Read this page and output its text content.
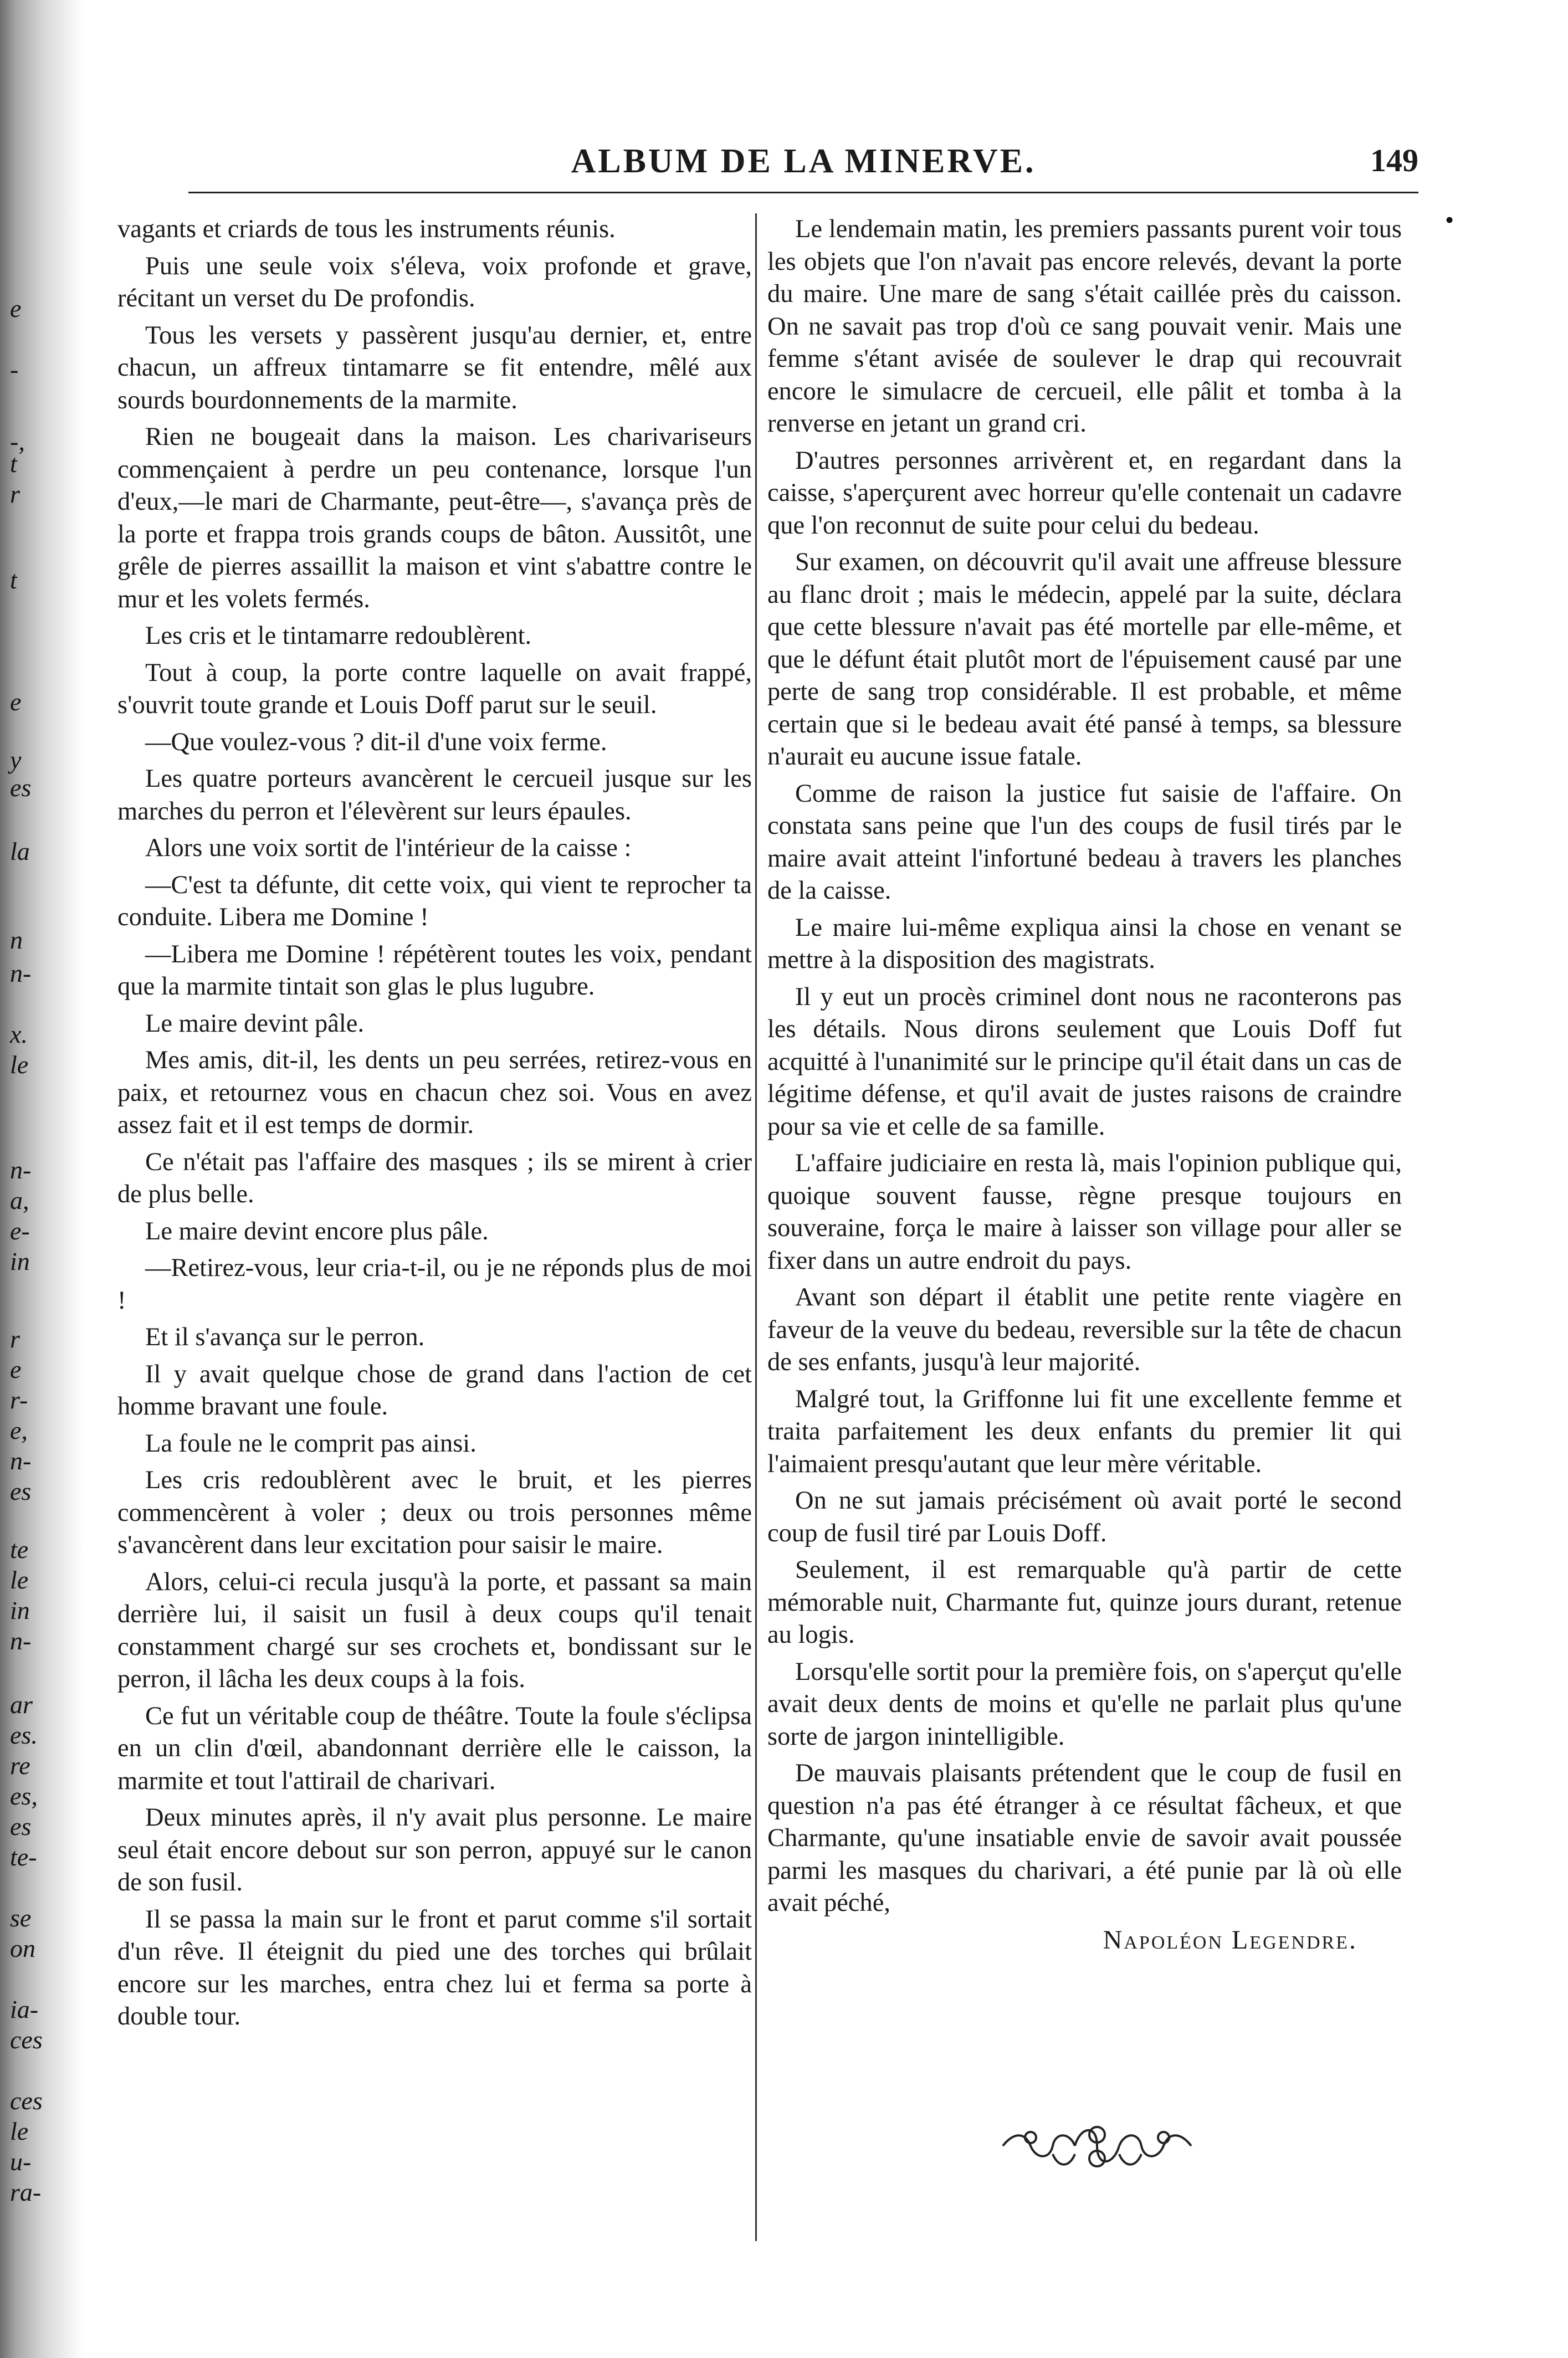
e
-
-,
t
r
t
e
y
es
la
n
n-
x.
le
n-
a,
e-
in
r
e
r-
e,
n-
es
te
le
in
n-
ar
es.
re
es,
es
te-
se
on
ia-
ces
ces
le
u-
ra-
•
ALBUM DE LA MINERVE.	149

vagants et criards de tous les instruments réunis.

Puis une seule voix s'éleva, voix profonde et grave, récitant un verset du De profondis.

Tous les versets y passèrent jusqu'au dernier, et, entre chacun, un affreux tintamarre se fit entendre, mêlé aux sourds bourdonnements de la marmite.

Rien ne bougeait dans la maison. Les charivariseurs commençaient à perdre un peu contenance, lorsque l'un d'eux,—le mari de Charmante, peut-être—, s'avança près de la porte et frappa trois grands coups de bâton. Aussitôt, une grêle de pierres assaillit la maison et vint s'abattre contre le mur et les volets fermés.

Les cris et le tintamarre redoublèrent.

Tout à coup, la porte contre laquelle on avait frappé, s'ouvrit toute grande et Louis Doff parut sur le seuil.

—Que voulez-vous ? dit-il d'une voix ferme.

Les quatre porteurs avancèrent le cercueil jusque sur les marches du perron et l'élevèrent sur leurs épaules.

Alors une voix sortit de l'intérieur de la caisse :

—C'est ta défunte, dit cette voix, qui vient te reprocher ta conduite. Libera me Domine !

—Libera me Domine ! répétèrent toutes les voix, pendant que la marmite tintait son glas le plus lugubre.

Le maire devint pâle.

Mes amis, dit-il, les dents un peu serrées, retirez-vous en paix, et retournez vous en chacun chez soi. Vous en avez assez fait et il est temps de dormir.

Ce n'était pas l'affaire des masques ; ils se mirent à crier de plus belle.

Le maire devint encore plus pâle.

—Retirez-vous, leur cria-t-il, ou je ne réponds plus de moi !

Et il s'avança sur le perron.

Il y avait quelque chose de grand dans l'action de cet homme bravant une foule.

La foule ne le comprit pas ainsi.

Les cris redoublèrent avec le bruit, et les pierres commencèrent à voler ; deux ou trois personnes même s'avancèrent dans leur excitation pour saisir le maire.

Alors, celui-ci recula jusqu'à la porte, et passant sa main derrière lui, il saisit un fusil à deux coups qu'il tenait constamment chargé sur ses crochets et, bondissant sur le perron, il lâcha les deux coups à la fois.

Ce fut un véritable coup de théâtre. Toute la foule s'éclipsa en un clin d'œil, abandonnant derrière elle le caisson, la marmite et tout l'attirail de charivari.

Deux minutes après, il n'y avait plus personne. Le maire seul était encore debout sur son perron, appuyé sur le canon de son fusil.

Il se passa la main sur le front et parut comme s'il sortait d'un rêve. Il éteignit du pied une des torches qui brûlait encore sur les marches, entra chez lui et ferma sa porte à double tour.

Le lendemain matin, les premiers passants purent voir tous les objets que l'on n'avait pas encore relevés, devant la porte du maire. Une mare de sang s'était caillée près du caisson. On ne savait pas trop d'où ce sang pouvait venir. Mais une femme s'étant avisée de soulever le drap qui recouvrait encore le simulacre de cercueil, elle pâlit et tomba à la renverse en jetant un grand cri.

D'autres personnes arrivèrent et, en regardant dans la caisse, s'aperçurent avec horreur qu'elle contenait un cadavre que l'on reconnut de suite pour celui du bedeau.

Sur examen, on découvrit qu'il avait une affreuse blessure au flanc droit ; mais le médecin, appelé par la suite, déclara que cette blessure n'avait pas été mortelle par elle-même, et que le défunt était plutôt mort de l'épuisement causé par une perte de sang trop considérable. Il est probable, et même certain que si le bedeau avait été pansé à temps, sa blessure n'aurait eu aucune issue fatale.

Comme de raison la justice fut saisie de l'affaire. On constata sans peine que l'un des coups de fusil tirés par le maire avait atteint l'infortuné bedeau à travers les planches de la caisse.

Le maire lui-même expliqua ainsi la chose en venant se mettre à la disposition des magistrats.

Il y eut un procès criminel dont nous ne raconterons pas les détails. Nous dirons seulement que Louis Doff fut acquitté à l'unanimité sur le principe qu'il était dans un cas de légitime défense, et qu'il avait de justes raisons de craindre pour sa vie et celle de sa famille.

L'affaire judiciaire en resta là, mais l'opinion publique qui, quoique souvent fausse, règne presque toujours en souveraine, força le maire à laisser son village pour aller se fixer dans un autre endroit du pays.

Avant son départ il établit une petite rente viagère en faveur de la veuve du bedeau, reversible sur la tête de chacun de ses enfants, jusqu'à leur majorité.

Malgré tout, la Griffonne lui fit une excellente femme et traita parfaitement les deux enfants du premier lit qui l'aimaient presqu'autant que leur mère véritable.

On ne sut jamais précisément où avait porté le second coup de fusil tiré par Louis Doff.

Seulement, il est remarquable qu'à partir de cette mémorable nuit, Charmante fut, quinze jours durant, retenue au logis.

Lorsqu'elle sortit pour la première fois, on s'aperçut qu'elle avait deux dents de moins et qu'elle ne parlait plus qu'une sorte de jargon inintelligible.

De mauvais plaisants prétendent que le coup de fusil en question n'a pas été étranger à ce résultat fâcheux, et que Charmante, qu'une insatiable envie de savoir avait poussée parmi les masques du charivari, a été punie par là où elle avait péché,

Napoléon Legendre.
